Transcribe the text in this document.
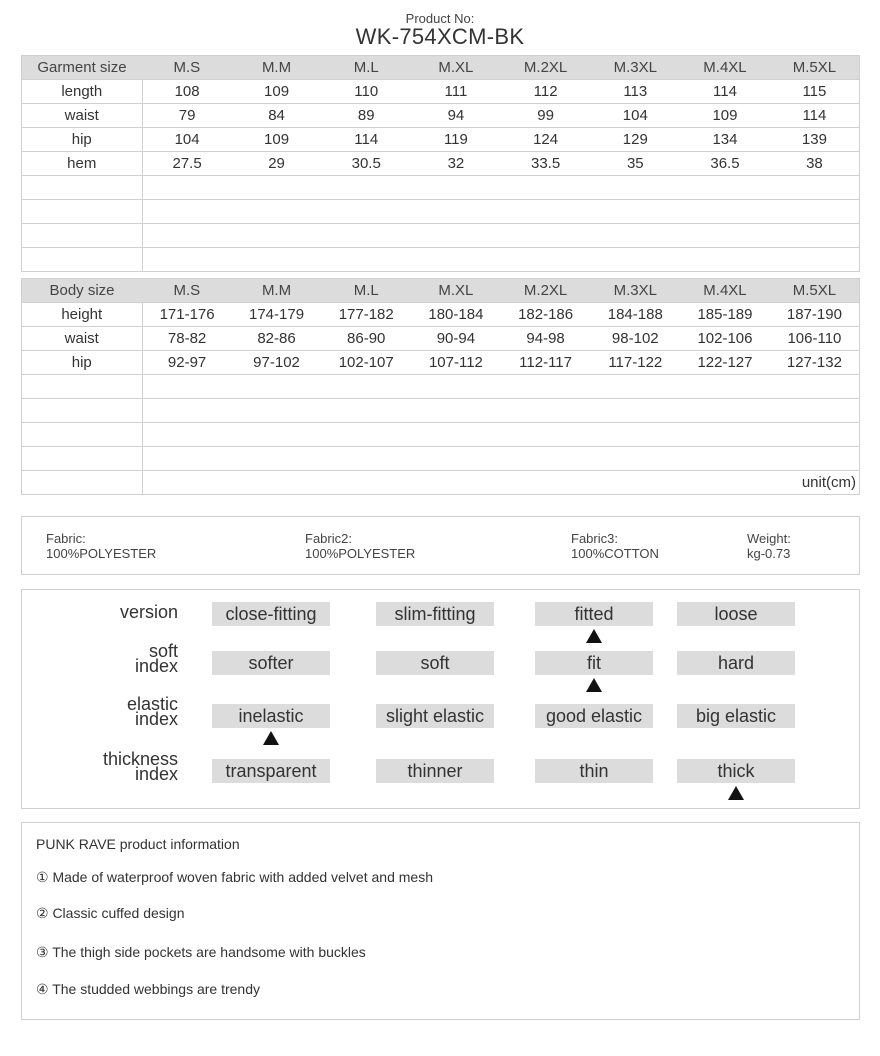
Product No:
WK-754XCM-BK
Garment size	M.S	M.M	M.L	M.XL	M.2XL	M.3XL	M.4XL	M.5XL
length	108	109	110	111	112	113	114	115
waist	79	84	89	94	99	104	109	114
hip	104	109	114	119	124	129	134	139
hem	27.5	29	30.5	32	33.5	35	36.5	38

Body size	M.S	M.M	M.L	M.XL	M.2XL	M.3XL	M.4XL	M.5XL
height	171-176	174-179	177-182	180-184	182-186	184-188	185-189	187-190
waist	78-82	82-86	86-90	90-94	94-98	98-102	102-106	106-110
hip	92-97	97-102	102-107	107-112	112-117	117-122	122-127	127-132

	unit(cm)							
Fabric:
100%POLYESTER
Fabric2:
100%POLYESTER
Fabric3:
100%COTTON
Weight:
kg-0.73
version	close-fitting	slim-fitting	fitted	loose
soft
index	softer	soft	fit	hard
elastic
index	inelastic	slight elastic	good elastic	big elastic
thickness
index	transparent	thinner	thin	thick
PUNK RAVE product information
① Made of waterproof woven fabric with added velvet and mesh
② Classic cuffed design
③ The thigh side pockets are handsome with buckles
④ The studded webbings are trendy
